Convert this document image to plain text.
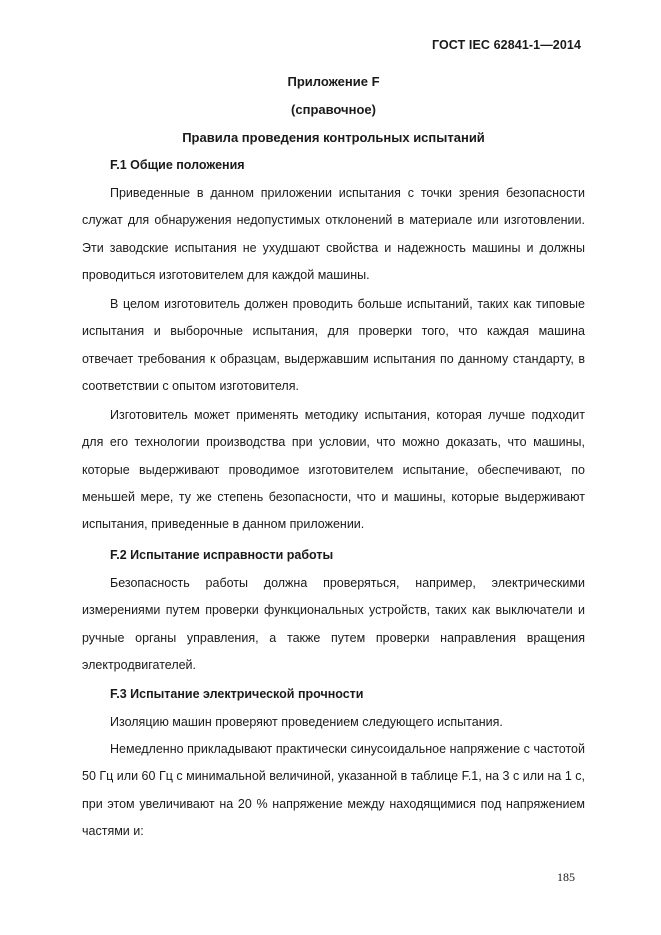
ГОСТ IEC 62841-1—2014
Приложение F
(справочное)
Правила проведения контрольных испытаний
F.1 Общие положения

Приведенные в данном приложении испытания с точки зрения безопасности служат для обнаружения недопустимых отклонений в материале или изготовлении. Эти заводские испытания не ухудшают свойства и надежность машины и должны проводиться изготовителем для каждой машины.

В целом изготовитель должен проводить больше испытаний, таких как типовые испытания и выборочные испытания, для проверки того, что каждая машина отвечает требования к образцам, выдержавшим испытания по данному стандарту, в соответствии с опытом изготовителя.

Изготовитель может применять методику испытания, которая лучше подходит для его технологии производства при условии, что можно доказать, что машины, которые выдерживают проводимое изготовителем испытание, обеспечивают, по меньшей мере, ту же степень безопасности, что и машины, которые выдерживают испытания, приведенные в данном приложении.

F.2 Испытание исправности работы

Безопасность работы должна проверяться, например, электрическими измерениями путем проверки функциональных устройств, таких как выключатели и ручные органы управления, а также путем проверки направления вращения электродвигателей.

F.3 Испытание электрической прочности

Изоляцию машин проверяют проведением следующего испытания.

Немедленно прикладывают практически синусоидальное напряжение с частотой 50 Гц или 60 Гц с минимальной величиной, указанной в таблице F.1, на 3 с или на 1 с, при этом увеличивают на 20 % напряжение между находящимися под напряжением частями и:

185
